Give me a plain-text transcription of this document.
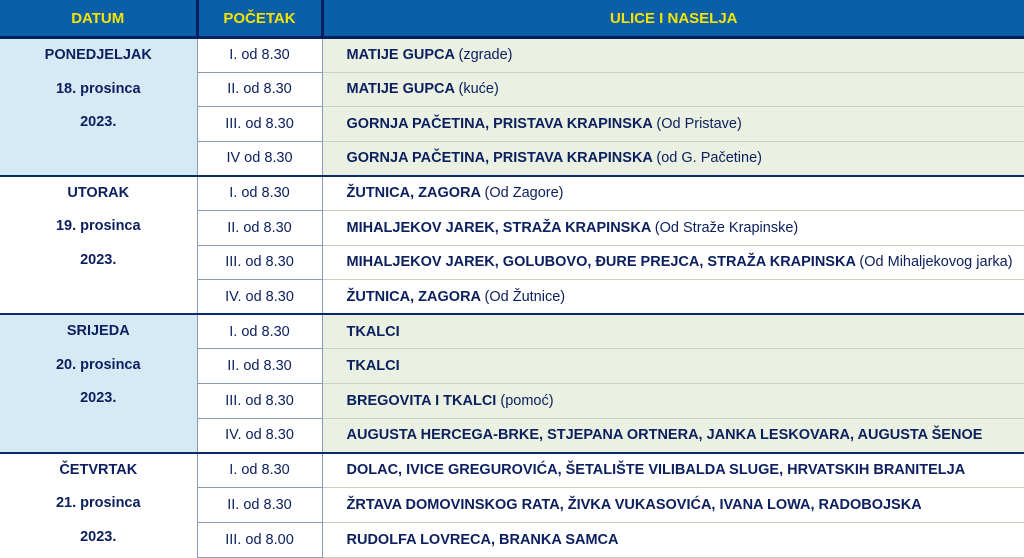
DATUM	POČETAK	ULICE I NASELJA

PONEDJELJAK
18. prosinca
2023.	I. od 8.30	MATIJE GUPCA (zgrade)
	II. od 8.30	MATIJE GUPCA (kuće)
	III. od 8.30	GORNJA PAČETINA, PRISTAVA KRAPINSKA (Od Pristave)
	IV od 8.30	GORNJA PAČETINA, PRISTAVA KRAPINSKA (od G. Pačetine)

UTORAK
19. prosinca
2023.	I. od 8.30	ŽUTNICA, ZAGORA (Od Zagore)
	II. od 8.30	MIHALJEKOV JAREK, STRAŽA KRAPINSKA (Od Straže Krapinske)
	III. od 8.30	MIHALJEKOV JAREK, GOLUBOVO, ĐURE PREJCA, STRAŽA KRAPINSKA (Od Mihaljekovog jarka)
	IV. od 8.30	ŽUTNICA, ZAGORA (Od Žutnice)

SRIJEDA
20. prosinca
2023.	I. od 8.30	TKALCI
	II. od 8.30	TKALCI
	III. od 8.30	BREGOVITA I TKALCI (pomoć)
	IV. od 8.30	AUGUSTA HERCEGA-BRKE, STJEPANA ORTNERA, JANKA LESKOVARA, AUGUSTA ŠENOE

ČETVRTAK
21. prosinca
2023.	I. od 8.30	DOLAC, IVICE GREGUROVIĆA, ŠETALIŠTE VILIBALDA SLUGE, HRVATSKIH BRANITELJA
	II. od 8.30	ŽRTAVA DOMOVINSKOG RATA, ŽIVKA VUKASOVIĆA, IVANA LOWA, RADOBOJSKA
	III. od 8.00	RUDOLFA LOVRECA, BRANKA SAMCA
